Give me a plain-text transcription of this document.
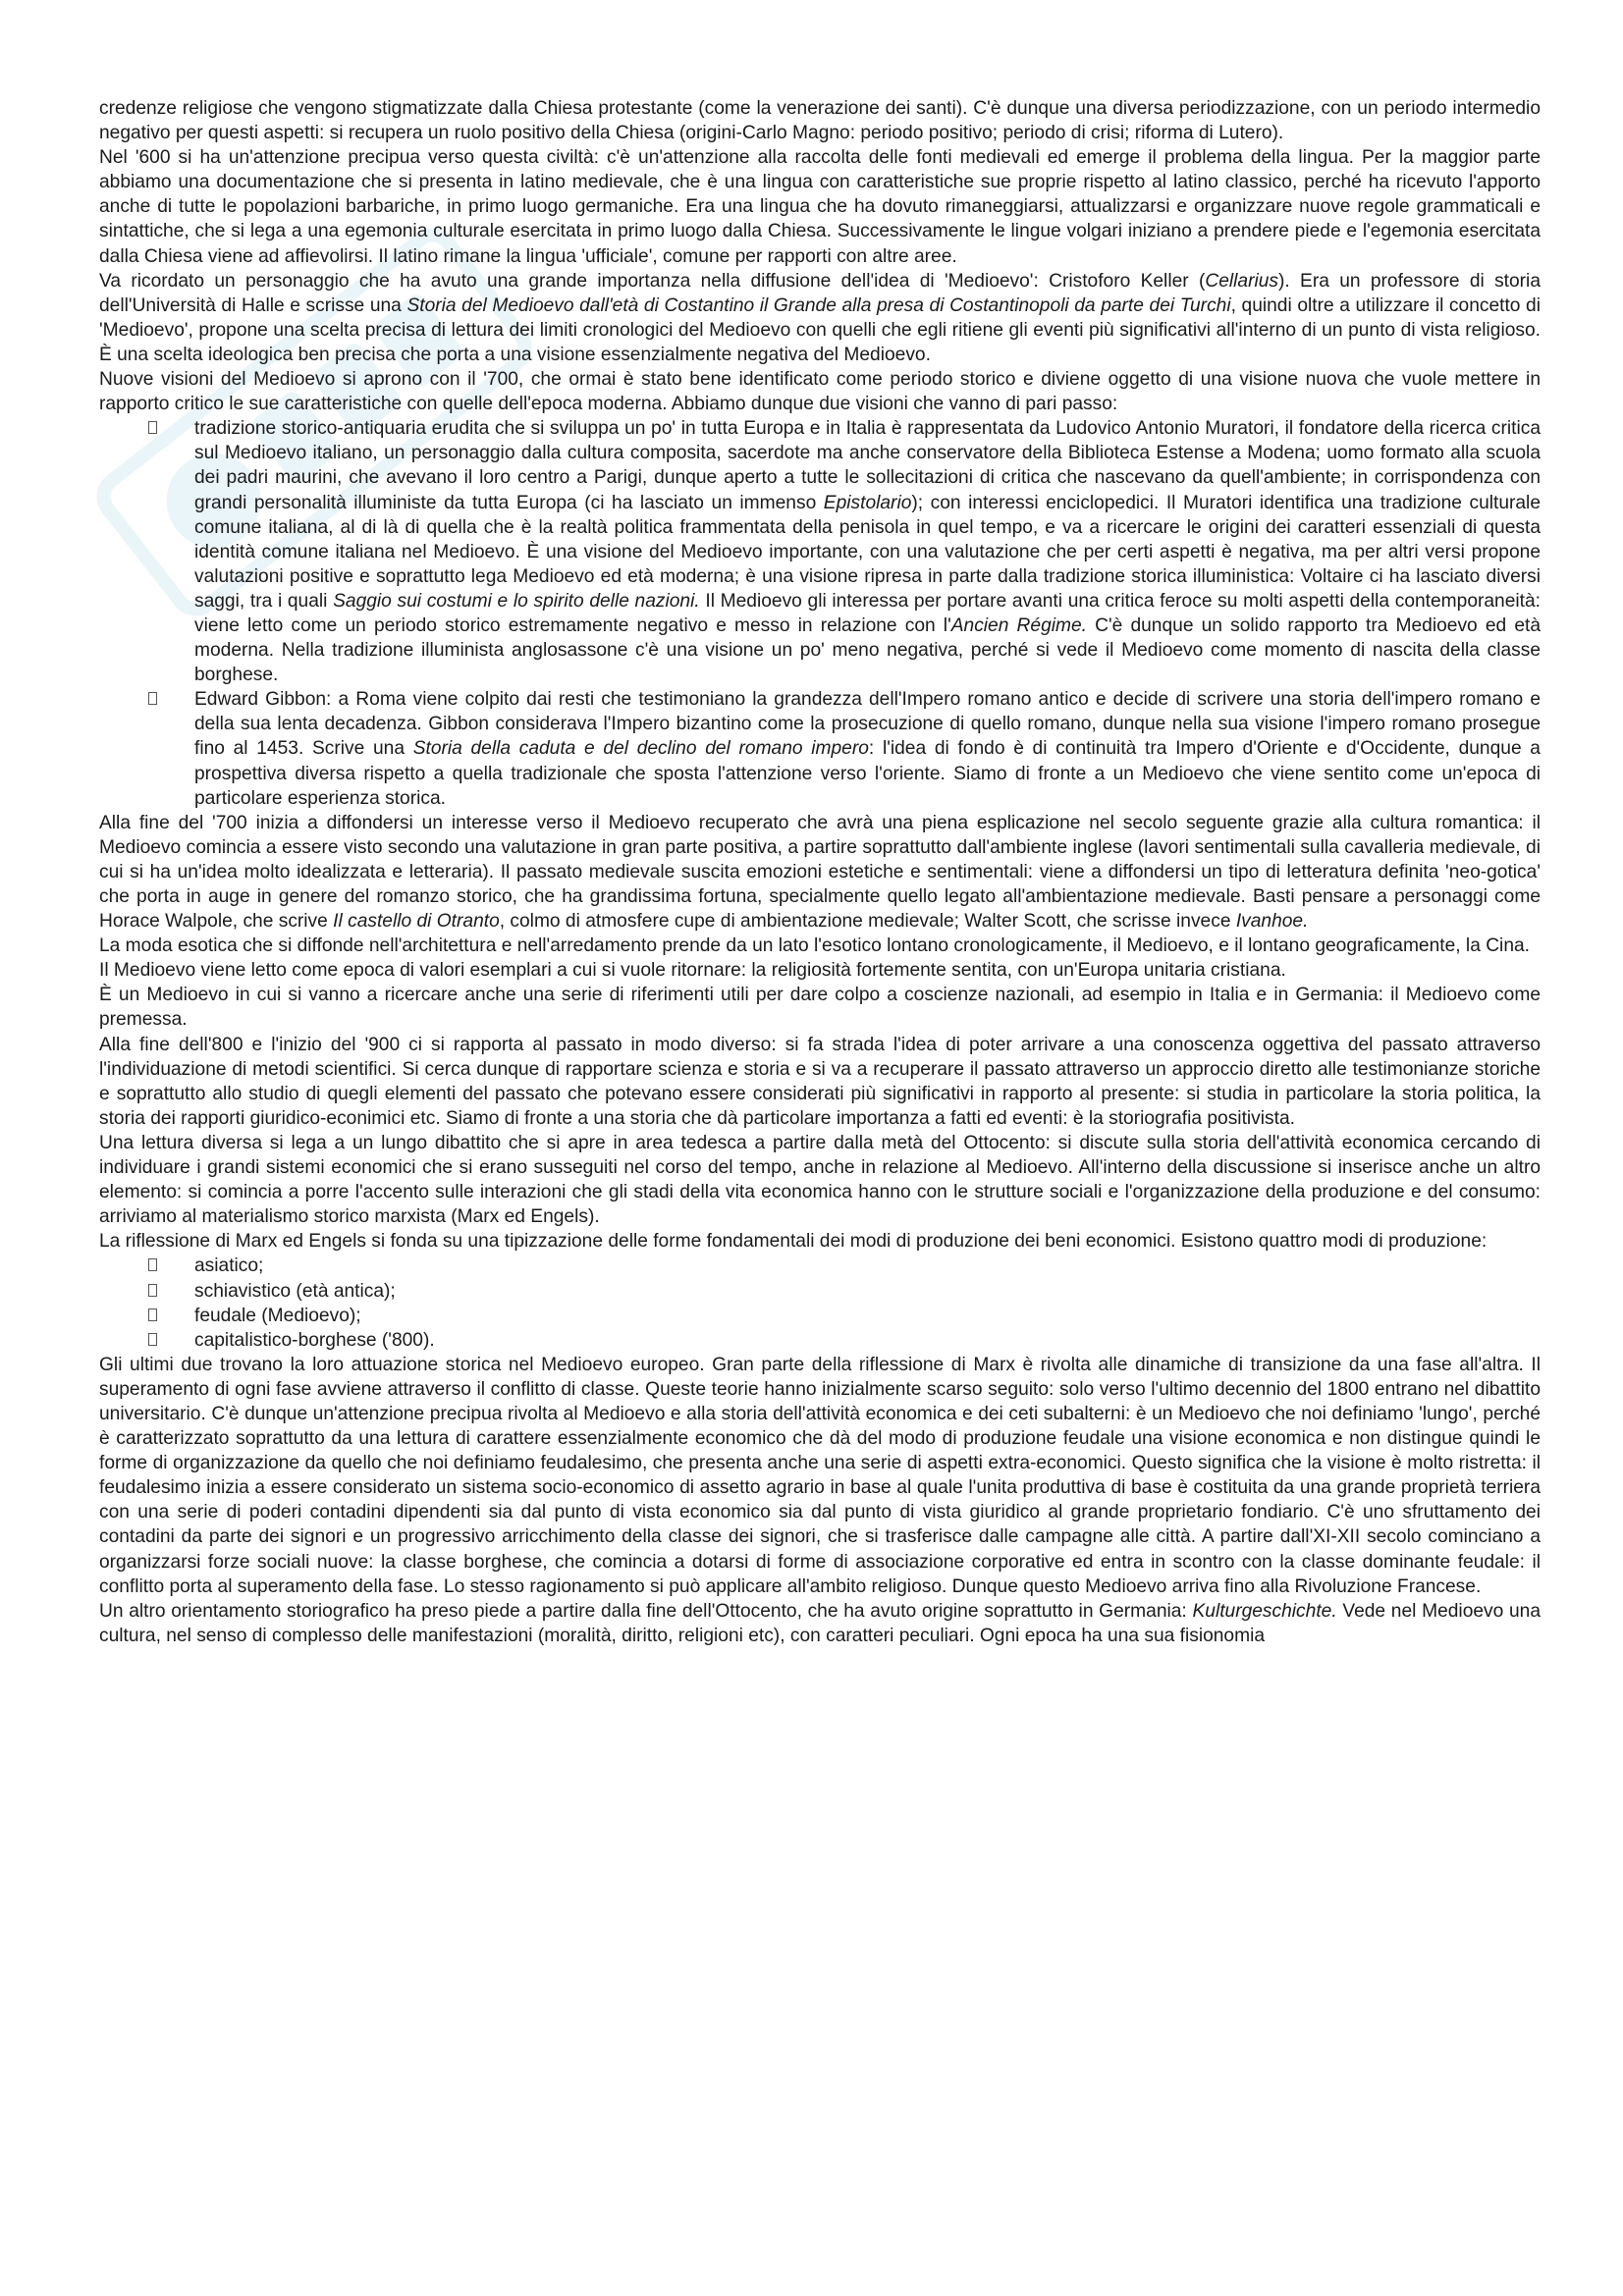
credenze religiose che vengono stigmatizzate dalla Chiesa protestante (come la venerazione dei santi). C'è dunque una diversa periodizzazione, con un periodo intermedio negativo per questi aspetti: si recupera un ruolo positivo della Chiesa (origini-Carlo Magno: periodo positivo; periodo di crisi; riforma di Lutero).

Nel '600 si ha un'attenzione precipua verso questa civiltà: c'è un'attenzione alla raccolta delle fonti medievali ed emerge il problema della lingua. Per la maggior parte abbiamo una documentazione che si presenta in latino medievale, che è una lingua con caratteristiche sue proprie rispetto al latino classico, perché ha ricevuto l'apporto anche di tutte le popolazioni barbariche, in primo luogo germaniche. Era una lingua che ha dovuto rimaneggiarsi, attualizzarsi e organizzare nuove regole grammaticali e sintattiche, che si lega a una egemonia culturale esercitata in primo luogo dalla Chiesa. Successivamente le lingue volgari iniziano a prendere piede e l'egemonia esercitata dalla Chiesa viene ad affievolirsi. Il latino rimane la lingua 'ufficiale', comune per rapporti con altre aree.

Va ricordato un personaggio che ha avuto una grande importanza nella diffusione dell'idea di 'Medioevo': Cristoforo Keller (Cellarius). Era un professore di storia dell'Università di Halle e scrisse una Storia del Medioevo dall'età di Costantino il Grande alla presa di Costantinopoli da parte dei Turchi, quindi oltre a utilizzare il concetto di 'Medioevo', propone una scelta precisa di lettura dei limiti cronologici del Medioevo con quelli che egli ritiene gli eventi più significativi all'interno di un punto di vista religioso. È una scelta ideologica ben precisa che porta a una visione essenzialmente negativa del Medioevo.

Nuove visioni del Medioevo si aprono con il '700, che ormai è stato bene identificato come periodo storico e diviene oggetto di una visione nuova che vuole mettere in rapporto critico le sue caratteristiche con quelle dell'epoca moderna. Abbiamo dunque due visioni che vanno di pari passo:

tradizione storico-antiquaria erudita che si sviluppa un po' in tutta Europa e in Italia è rappresentata da Ludovico Antonio Muratori, il fondatore della ricerca critica sul Medioevo italiano, un personaggio dalla cultura composita, sacerdote ma anche conservatore della Biblioteca Estense a Modena; uomo formato alla scuola dei padri maurini, che avevano il loro centro a Parigi, dunque aperto a tutte le sollecitazioni di critica che nascevano da quell'ambiente; in corrispondenza con grandi personalità illuministe da tutta Europa (ci ha lasciato un immenso Epistolario); con interessi enciclopedici. Il Muratori identifica una tradizione culturale comune italiana, al di là di quella che è la realtà politica frammentata della penisola in quel tempo, e va a ricercare le origini dei caratteri essenziali di questa identità comune italiana nel Medioevo. È una visione del Medioevo importante, con una valutazione che per certi aspetti è negativa, ma per altri versi propone valutazioni positive e soprattutto lega Medioevo ed età moderna; è una visione ripresa in parte dalla tradizione storica illuministica: Voltaire ci ha lasciato diversi saggi, tra i quali Saggio sui costumi e lo spirito delle nazioni. Il Medioevo gli interessa per portare avanti una critica feroce su molti aspetti della contemporaneità: viene letto come un periodo storico estremamente negativo e messo in relazione con l'Ancien Régime. C'è dunque un solido rapporto tra Medioevo ed età moderna. Nella tradizione illuminista anglosassone c'è una visione un po' meno negativa, perché si vede il Medioevo come momento di nascita della classe borghese.
Edward Gibbon: a Roma viene colpito dai resti che testimoniano la grandezza dell'Impero romano antico e decide di scrivere una storia dell'impero romano e della sua lenta decadenza. Gibbon considerava l'Impero bizantino come la prosecuzione di quello romano, dunque nella sua visione l'impero romano prosegue fino al 1453. Scrive una Storia della caduta e del declino del romano impero: l'idea di fondo è di continuità tra Impero d'Oriente e d'Occidente, dunque a prospettiva diversa rispetto a quella tradizionale che sposta l'attenzione verso l'oriente. Siamo di fronte a un Medioevo che viene sentito come un'epoca di particolare esperienza storica.

Alla fine del '700 inizia a diffondersi un interesse verso il Medioevo recuperato che avrà una piena esplicazione nel secolo seguente grazie alla cultura romantica: il Medioevo comincia a essere visto secondo una valutazione in gran parte positiva, a partire soprattutto dall'ambiente inglese (lavori sentimentali sulla cavalleria medievale, di cui si ha un'idea molto idealizzata e letteraria). Il passato medievale suscita emozioni estetiche e sentimentali: viene a diffondersi un tipo di letteratura definita 'neo-gotica' che porta in auge in genere del romanzo storico, che ha grandissima fortuna, specialmente quello legato all'ambientazione medievale. Basti pensare a personaggi come Horace Walpole, che scrive Il castello di Otranto, colmo di atmosfere cupe di ambientazione medievale; Walter Scott, che scrisse invece Ivanhoe.

La moda esotica che si diffonde nell'architettura e nell'arredamento prende da un lato l'esotico lontano cronologicamente, il Medioevo, e il lontano geograficamente, la Cina.

Il Medioevo viene letto come epoca di valori esemplari a cui si vuole ritornare: la religiosità fortemente sentita, con un'Europa unitaria cristiana.

È un Medioevo in cui si vanno a ricercare anche una serie di riferimenti utili per dare colpo a coscienze nazionali, ad esempio in Italia e in Germania: il Medioevo come premessa.

Alla fine dell'800 e l'inizio del '900 ci si rapporta al passato in modo diverso: si fa strada l'idea di poter arrivare a una conoscenza oggettiva del passato attraverso l'individuazione di metodi scientifici. Si cerca dunque di rapportare scienza e storia e si va a recuperare il passato attraverso un approccio diretto alle testimonianze storiche e soprattutto allo studio di quegli elementi del passato che potevano essere considerati più significativi in rapporto al presente: si studia in particolare la storia politica, la storia dei rapporti giuridico-econimici etc. Siamo di fronte a una storia che dà particolare importanza a fatti ed eventi: è la storiografia positivista.

Una lettura diversa si lega a un lungo dibattito che si apre in area tedesca a partire dalla metà del Ottocento: si discute sulla storia dell'attività economica cercando di individuare i grandi sistemi economici che si erano susseguiti nel corso del tempo, anche in relazione al Medioevo. All'interno della discussione si inserisce anche un altro elemento: si comincia a porre l'accento sulle interazioni che gli stadi della vita economica hanno con le strutture sociali e l'organizzazione della produzione e del consumo: arriviamo al materialismo storico marxista (Marx ed Engels).

La riflessione di Marx ed Engels si fonda su una tipizzazione delle forme fondamentali dei modi di produzione dei beni economici. Esistono quattro modi di produzione:

asiatico;
schiavistico (età antica);
feudale (Medioevo);
capitalistico-borghese ('800).

Gli ultimi due trovano la loro attuazione storica nel Medioevo europeo. Gran parte della riflessione di Marx è rivolta alle dinamiche di transizione da una fase all'altra. Il superamento di ogni fase avviene attraverso il conflitto di classe. Queste teorie hanno inizialmente scarso seguito: solo verso l'ultimo decennio del 1800 entrano nel dibattito universitario. C'è dunque un'attenzione precipua rivolta al Medioevo e alla storia dell'attività economica e dei ceti subalterni: è un Medioevo che noi definiamo 'lungo', perché è caratterizzato soprattutto da una lettura di carattere essenzialmente economico che dà del modo di produzione feudale una visione economica e non distingue quindi le forme di organizzazione da quello che noi definiamo feudalesimo, che presenta anche una serie di aspetti extra-economici. Questo significa che la visione è molto ristretta: il feudalesimo inizia a essere considerato un sistema socio-economico di assetto agrario in base al quale l'unita produttiva di base è costituita da una grande proprietà terriera con una serie di poderi contadini dipendenti sia dal punto di vista economico sia dal punto di vista giuridico al grande proprietario fondiario. C'è uno sfruttamento dei contadini da parte dei signori e un progressivo arricchimento della classe dei signori, che si trasferisce dalle campagne alle città. A partire dall'XI-XII secolo cominciano a organizzarsi forze sociali nuove: la classe borghese, che comincia a dotarsi di forme di associazione corporative ed entra in scontro con la classe dominante feudale: il conflitto porta al superamento della fase. Lo stesso ragionamento si può applicare all'ambito religioso. Dunque questo Medioevo arriva fino alla Rivoluzione Francese.

Un altro orientamento storiografico ha preso piede a partire dalla fine dell'Ottocento, che ha avuto origine soprattutto in Germania: Kulturgeschichte. Vede nel Medioevo una cultura, nel senso di complesso delle manifestazioni (moralità, diritto, religioni etc), con caratteri peculiari. Ogni epoca ha una sua fisionomia
